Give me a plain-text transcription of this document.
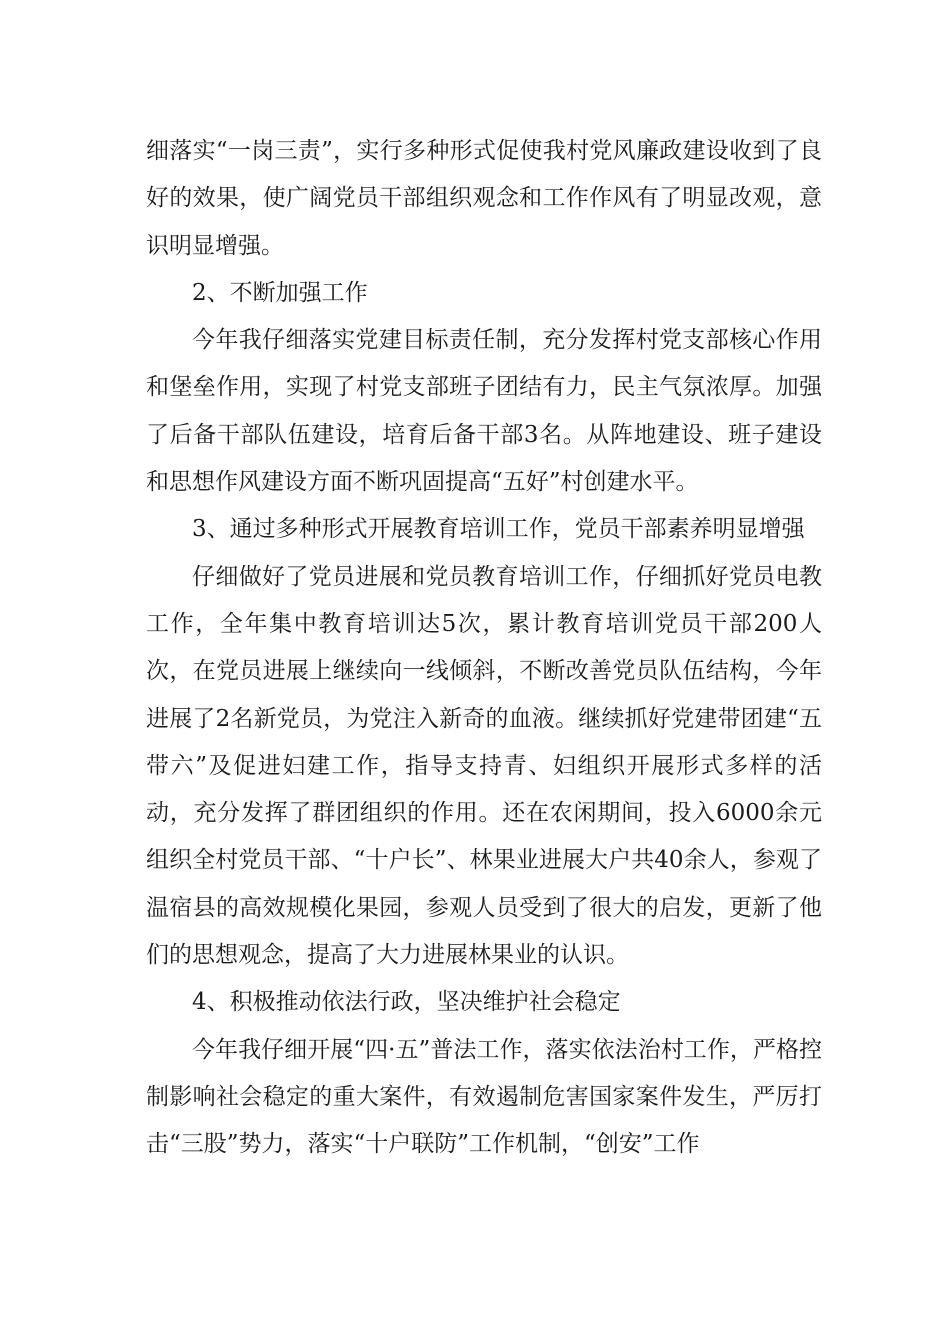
细落实“一岗三责”，实行多种形式促使我村党风廉政建设收到了良好的效果，使广阔党员干部组织观念和工作作风有了明显改观，意识明显增强。

2、不断加强工作

今年我仔细落实党建目标责任制，充分发挥村党支部核心作用和堡垒作用，实现了村党支部班子团结有力，民主气氛浓厚。加强了后备干部队伍建设，培育后备干部3名。从阵地建设、班子建设和思想作风建设方面不断巩固提高“五好”村创建水平。

3、通过多种形式开展教育培训工作，党员干部素养明显增强

仔细做好了党员进展和党员教育培训工作，仔细抓好党员电教工作，全年集中教育培训达5次，累计教育培训党员干部200人次，在党员进展上继续向一线倾斜，不断改善党员队伍结构，今年进展了2名新党员，为党注入新奇的血液。继续抓好党建带团建“五带六”及促进妇建工作，指导支持青、妇组织开展形式多样的活动，充分发挥了群团组织的作用。还在农闲期间，投入6000余元组织全村党员干部、“十户长”、林果业进展大户共40余人，参观了温宿县的高效规模化果园，参观人员受到了很大的启发，更新了他们的思想观念，提高了大力进展林果业的认识。

4、积极推动依法行政，坚决维护社会稳定

今年我仔细开展“四·五”普法工作，落实依法治村工作，严格控制影响社会稳定的重大案件，有效遏制危害国家案件发生，严厉打击“三股”势力，落实“十户联防”工作机制，“创安”工作
